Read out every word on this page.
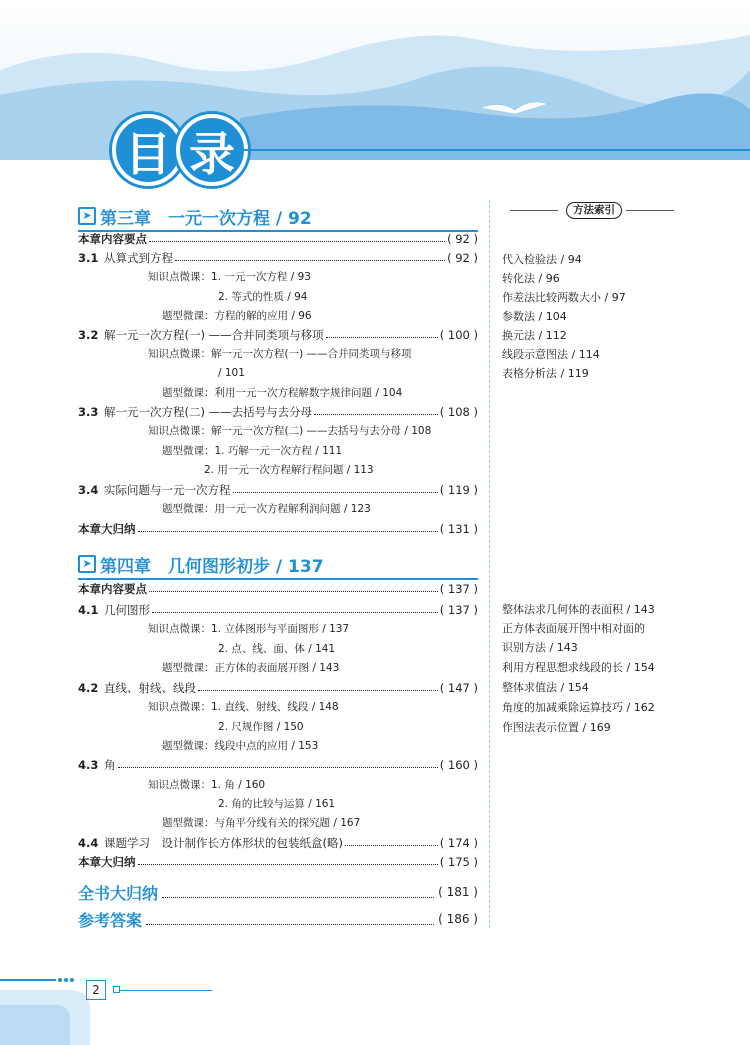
目 录
➤ 第三章　一元一次方程 / 92
本章内容要点	( 92 )
3.1 从算式到方程	( 92 )
知识点微课：1. 一元一次方程 / 93
2. 等式的性质 / 94
题型微课：方程的解的应用 / 96
3.2 解一元一次方程(一) ——合并同类项与移项	( 100 )
知识点微课：解一元一次方程(一) ——合并同类项与移项
/ 101
题型微课：利用一元一次方程解数字规律问题 / 104
3.3 解一元一次方程(二) ——去括号与去分母	( 108 )
知识点微课：解一元一次方程(二) ——去括号与去分母 / 108
题型微课：1. 巧解一元一次方程 / 111
2. 用一元一次方程解行程问题 / 113
3.4 实际问题与一元一次方程	( 119 )
题型微课：用一元一次方程解利润问题 / 123
本章大归纳	( 131 )
➤ 第四章　几何图形初步 / 137
本章内容要点	( 137 )
4.1 几何图形	( 137 )
知识点微课：1. 立体图形与平面图形 / 137
2. 点、线、面、体 / 141
题型微课：正方体的表面展开图 / 143
4.2 直线、射线、线段	( 147 )
知识点微课：1. 直线、射线、线段 / 148
2. 尺规作图 / 150
题型微课：线段中点的应用 / 153
4.3 角	( 160 )
知识点微课：1. 角 / 160
2. 角的比较与运算 / 161
题型微课：与角平分线有关的探究题 / 167
4.4 课题学习　设计制作长方体形状的包装纸盒(略)	( 174 )
本章大归纳	( 175 )
全书大归纳	( 181 )
参考答案	( 186 )
方法索引
代入检验法 / 94
转化法 / 96
作差法比较两数大小 / 97
参数法 / 104
换元法 / 112
线段示意图法 / 114
表格分析法 / 119
整体法求几何体的表面积 / 143
正方体表面展开图中相对面的
识别方法 / 143
利用方程思想求线段的长 / 154
整体求值法 / 154
角度的加减乘除运算技巧 / 162
作图法表示位置 / 169
2
